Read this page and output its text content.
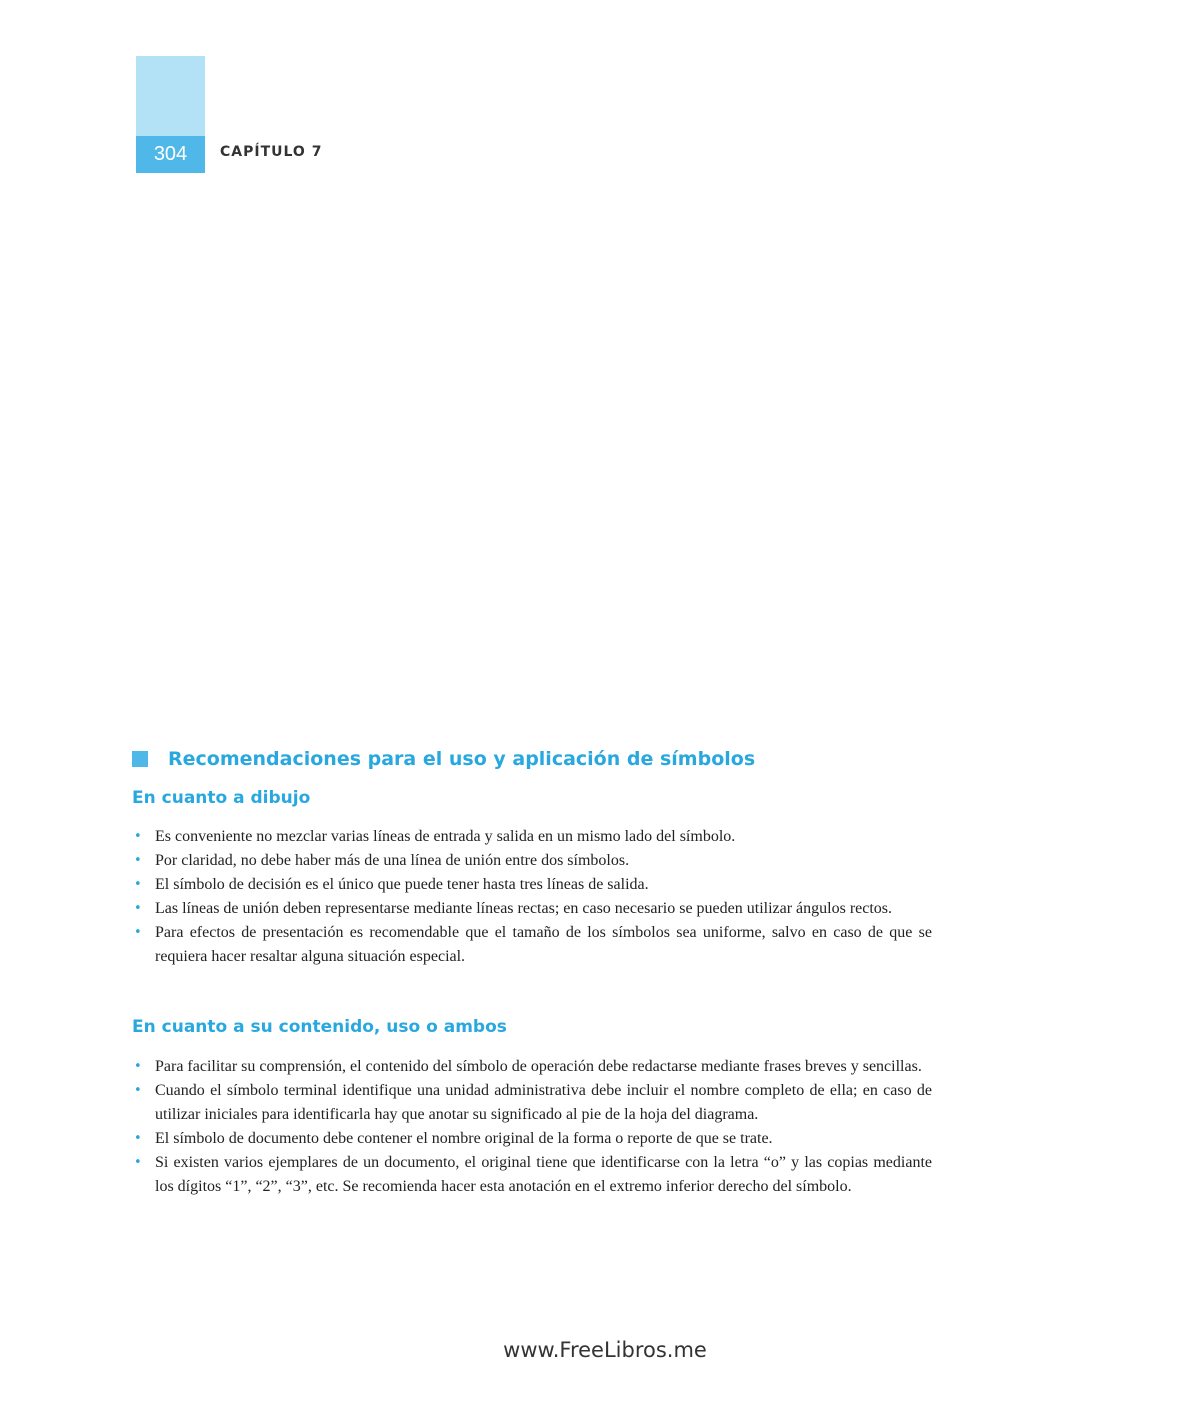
304	CAPÍTULO 7
Recomendaciones para el uso y aplicación de símbolos
En cuanto a dibujo
• Es conveniente no mezclar varias líneas de entrada y salida en un mismo lado del símbolo.
• Por claridad, no debe haber más de una línea de unión entre dos símbolos.
• El símbolo de decisión es el único que puede tener hasta tres líneas de salida.
• Las líneas de unión deben representarse mediante líneas rectas; en caso necesario se pueden utilizar ángulos rectos.
• Para efectos de presentación es recomendable que el tamaño de los símbolos sea uniforme, salvo en caso de que se requiera hacer resaltar alguna situación especial.
En cuanto a su contenido, uso o ambos
• Para facilitar su comprensión, el contenido del símbolo de operación debe redactarse mediante frases breves y sencillas.
• Cuando el símbolo terminal identifique una unidad administrativa debe incluir el nombre completo de ella; en caso de utilizar iniciales para identificarla hay que anotar su significado al pie de la hoja del diagrama.
• El símbolo de documento debe contener el nombre original de la forma o reporte de que se trate.
• Si existen varios ejemplares de un documento, el original tiene que identificarse con la letra “o” y las copias mediante los dígitos “1”, “2”, “3”, etc. Se recomienda hacer esta anotación en el extremo inferior derecho del símbolo.
www.FreeLibros.me
